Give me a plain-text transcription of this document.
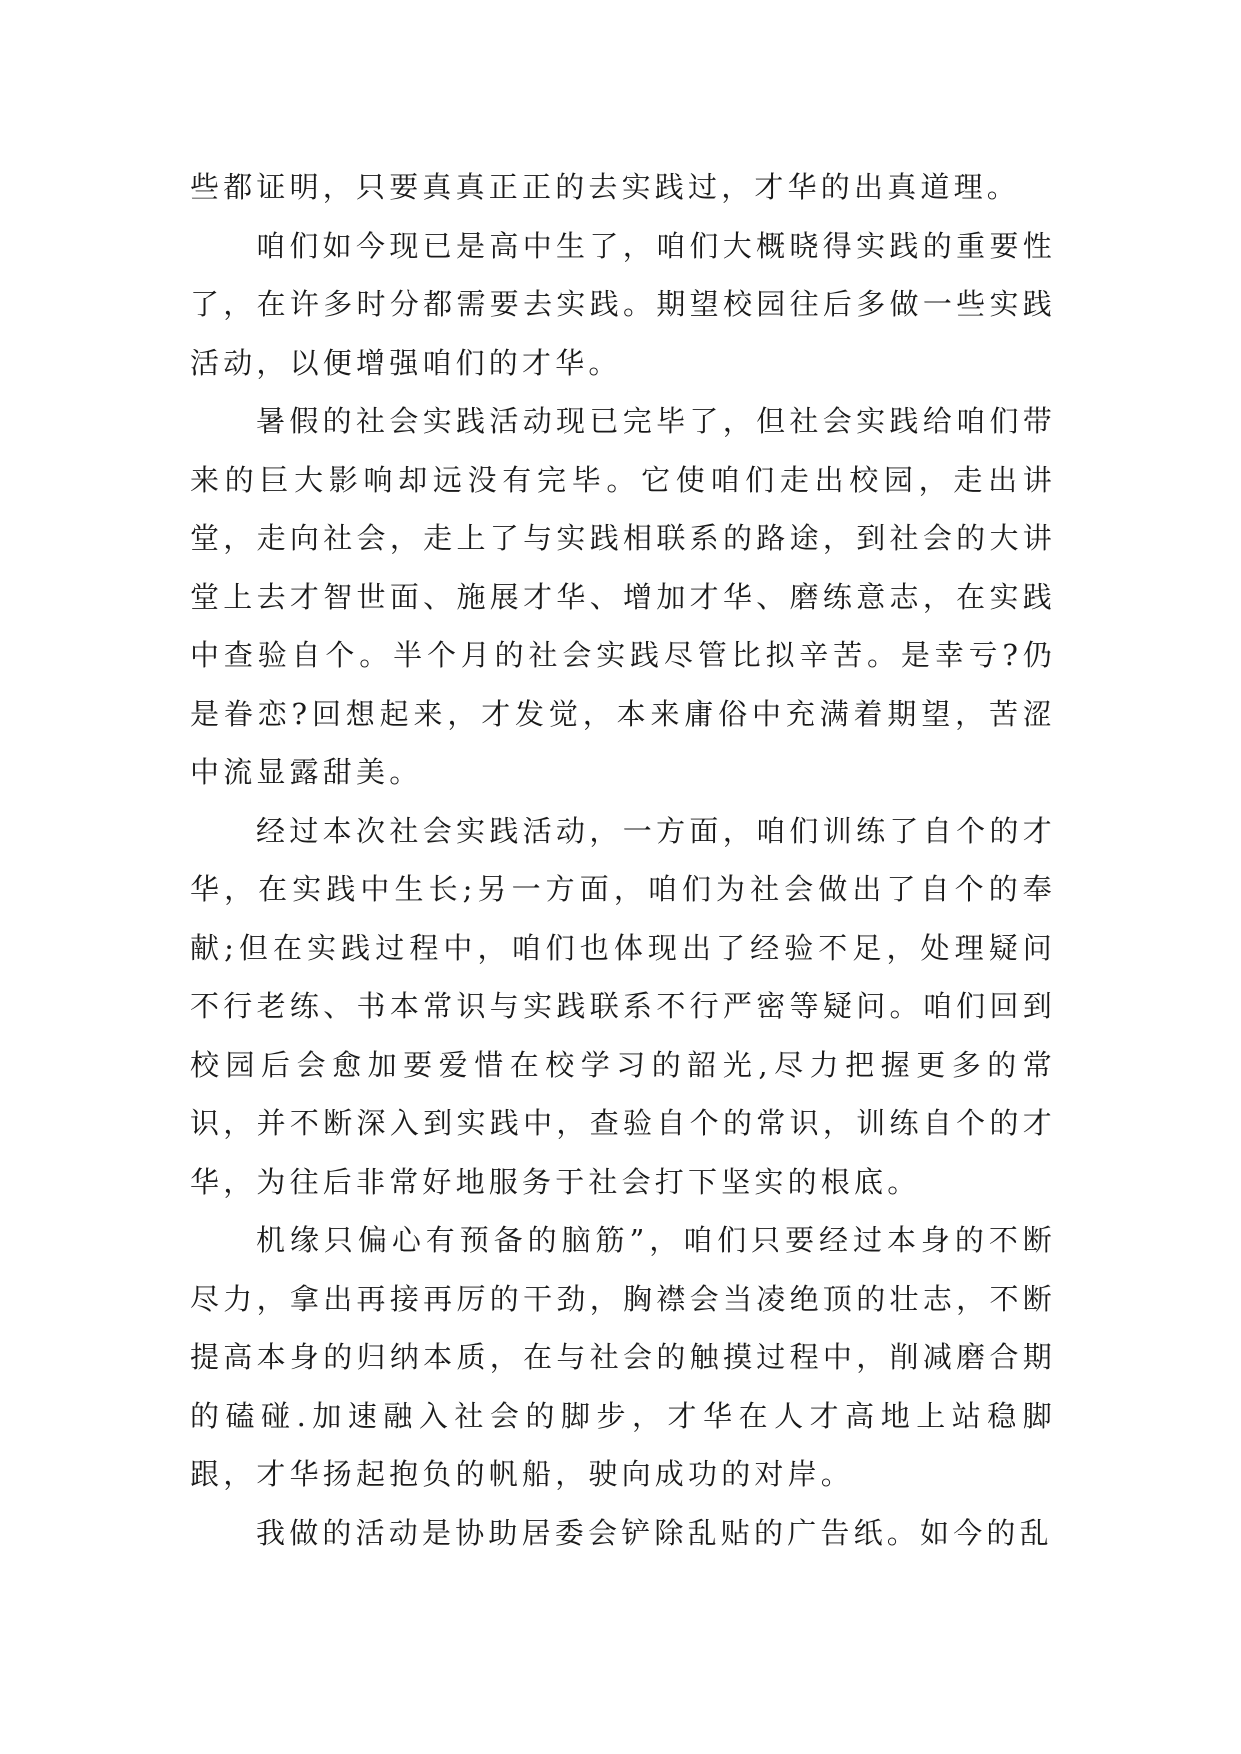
些都证明，只要真真正正的去实践过，才华的出真道理。

咱们如今现已是高中生了，咱们大概晓得实践的重要性了，在许多时分都需要去实践。期望校园往后多做一些实践活动，以便增强咱们的才华。

暑假的社会实践活动现已完毕了，但社会实践给咱们带来的巨大影响却远没有完毕。它使咱们走出校园，走出讲堂，走向社会，走上了与实践相联系的路途，到社会的大讲堂上去才智世面、施展才华、增加才华、磨练意志，在实践中查验自个。半个月的社会实践尽管比拟辛苦。是幸亏?仍是眷恋?回想起来，才发觉，本来庸俗中充满着期望，苦涩中流显露甜美。

经过本次社会实践活动，一方面，咱们训练了自个的才华，在实践中生长;另一方面，咱们为社会做出了自个的奉献;但在实践过程中，咱们也体现出了经验不足，处理疑问不行老练、书本常识与实践联系不行严密等疑问。咱们回到校园后会愈加要爱惜在校学习的韶光,尽力把握更多的常识，并不断深入到实践中，查验自个的常识，训练自个的才华，为往后非常好地服务于社会打下坚实的根底。

机缘只偏心有预备的脑筋”，咱们只要经过本身的不断尽力，拿出再接再厉的干劲，胸襟会当凌绝顶的壮志，不断提高本身的归纳本质，在与社会的触摸过程中，削减磨合期的磕碰.加速融入社会的脚步，才华在人才高地上站稳脚跟，才华扬起抱负的帆船，驶向成功的对岸。

我做的活动是协助居委会铲除乱贴的广告纸。如今的乱
